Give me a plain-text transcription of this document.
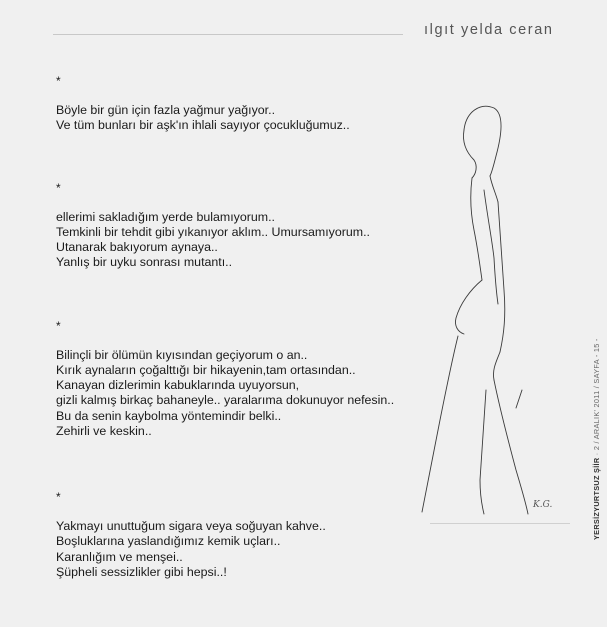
ılgıt yelda ceran
*
Böyle bir gün için fazla yağmur yağıyor..
Ve tüm bunları bir aşk'ın ihlali sayıyor çocukluğumuz..
*
ellerimi sakladığım yerde bulamıyorum..
Temkinli bir tehdit gibi yıkanıyor aklım.. Umursamıyorum..
Utanarak bakıyorum aynaya..
Yanlış bir uyku sonrası mutantı..
*
Bilinçli bir ölümün kıyısından geçiyorum o an..
Kırık aynaların çoğalttığı bir hikayenin,tam ortasından..
Kanayan dizlerimin kabuklarında uyuyorsun,
gizli kalmış birkaç bahaneyle.. yaralarıma dokunuyor nefesin..
Bu da senin kaybolma yöntemindir belki..
Zehirli ve keskin..
*
Yakmayı unuttuğum sigara veya soğuyan kahve..
Boşluklarına yaslandığımız kemik uçları..
Karanlığım ve menşei..
Şüpheli sessizlikler gibi hepsi..!
K.G.	YERSİZYURTSUZ ŞİİR · 2 / ARALIK' 2011 / SAYFA - 15 -
